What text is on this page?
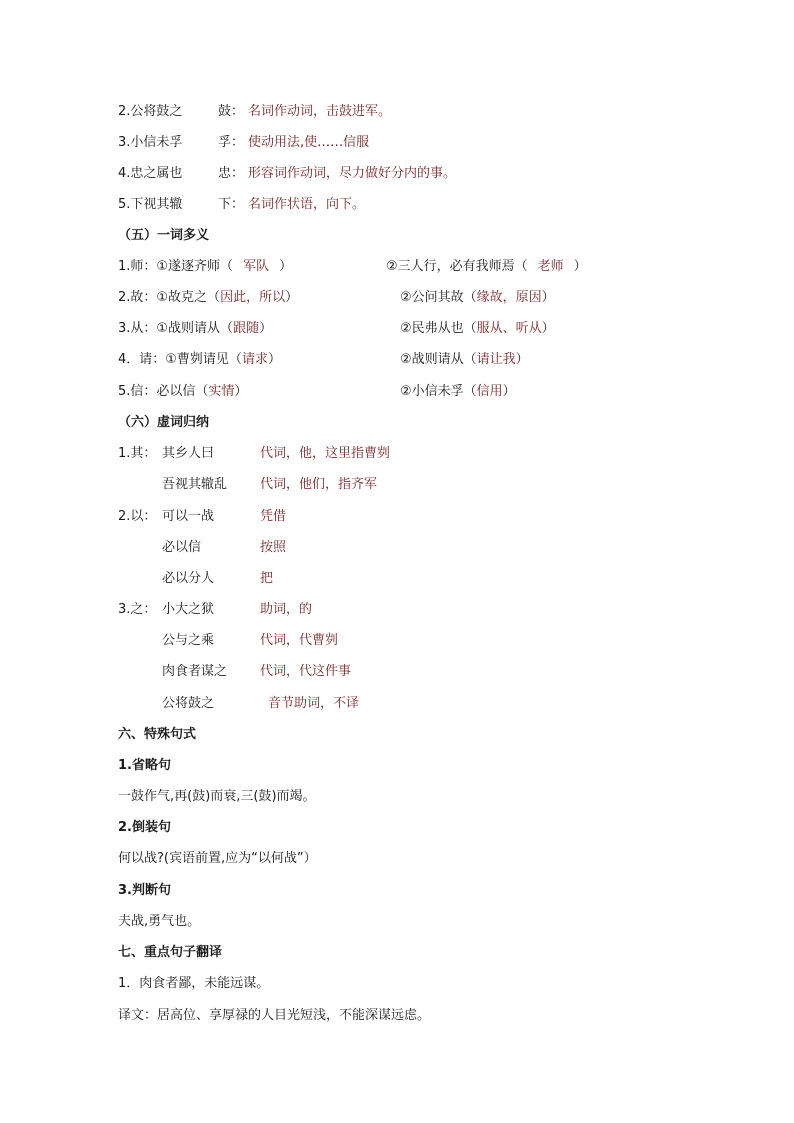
2.公将鼓之	鼓： 名词作动词，击鼓进军。
3.小信未孚	孚： 使动用法,使……信服
4.忠之属也	忠： 形容词作动词，尽力做好分内的事。
5.下视其辙	下： 名词作状语，向下。
（五）一词多义
1.师：①遂逐齐师（ 军队 ）	②三人行，必有我师焉（ 老师 ）
2.故：①故克之（因此，所以）	②公问其故（缘故，原因）
3.从：①战则请从（跟随）	②民弗从也（服从、听从）
4．请：①曹刿请见（请求）	②战则请从（请让我）
5.信：必以信（实情）	②小信未孚（信用）
（六）虚词归纳
1.其： 其乡人曰	代词，他，这里指曹刿
吾视其辙乱	代词，他们，指齐军
2.以： 可以一战	凭借
必以信	按照
必以分人	把
3.之： 小大之狱	助词，的
公与之乘	代词，代曹刿
肉食者谋之	代词，代这件事
公将鼓之	音节助词，不译
六、特殊句式
1.省略句
一鼓作气,再(鼓)而衰,三(鼓)而竭。
2.倒装句
何以战?(宾语前置,应为“以何战”）
3.判断句
夫战,勇气也。
七、重点句子翻译
1．肉食者鄙，未能远谋。
译文：居高位、享厚禄的人目光短浅，不能深谋远虑。
